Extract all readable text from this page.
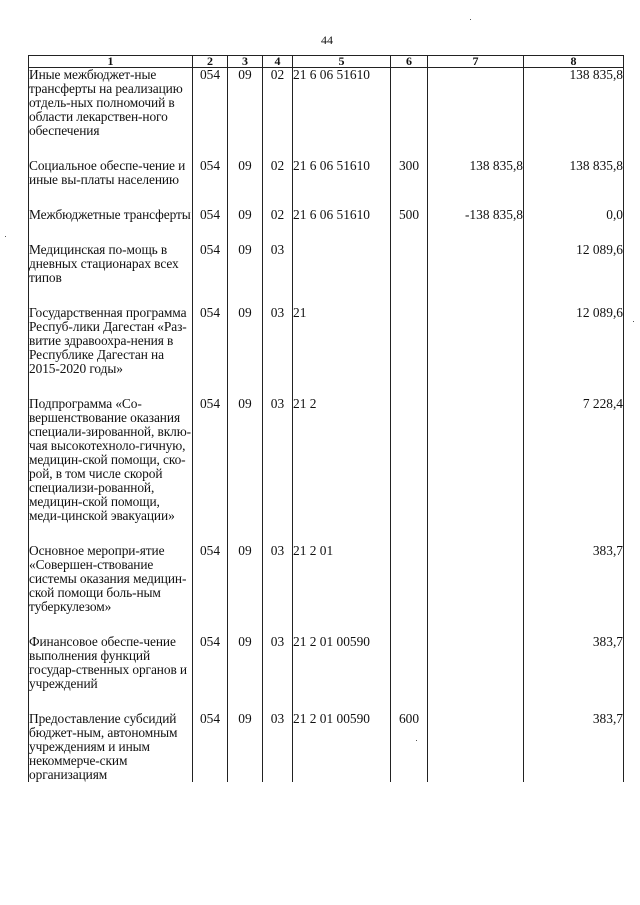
44
1	2	3	4	5	6	7	8
Иные межбюджет-ные трансферты на реализацию отдель-ных полномочий в области лекарствен-ного обеспечения	054	09	02	21 6 06 51610			138 835,8

Социальное обеспе-чение и иные вы-платы населению	054	09	02	21 6 06 51610	300	138 835,8	138 835,8

Межбюджетные трансферты	054	09	02	21 6 06 51610	500	-138 835,8	0,0

Медицинская по-мощь в дневных стационарах всех типов	054	09	03				12 089,6

Государственная программа Респуб-лики Дагестан «Раз-витие здравоохра-нения в Республике Дагестан на 2015-2020 годы»	054	09	03	21			12 089,6

Подпрограмма «Со-вершенствование оказания специали-зированной, вклю-чая высокотехноло-гичную, медицин-ской помощи, ско-рой, в том числе скорой специализи-рованной, медицин-ской помощи, меди-цинской эвакуации»	054	09	03	21 2			7 228,4

Основное меропри-ятие «Совершен-ствование системы оказания медицин-ской помощи боль-ным туберкулезом»	054	09	03	21 2 01			383,7

Финансовое обеспе-чение выполнения функций государ-ственных органов и учреждений	054	09	03	21 2 01 00590			383,7

Предоставление субсидий бюджет-ным, автономным учреждениям и иным некоммерче-ским организациям	054	09	03	21 2 01 00590	600		383,7
